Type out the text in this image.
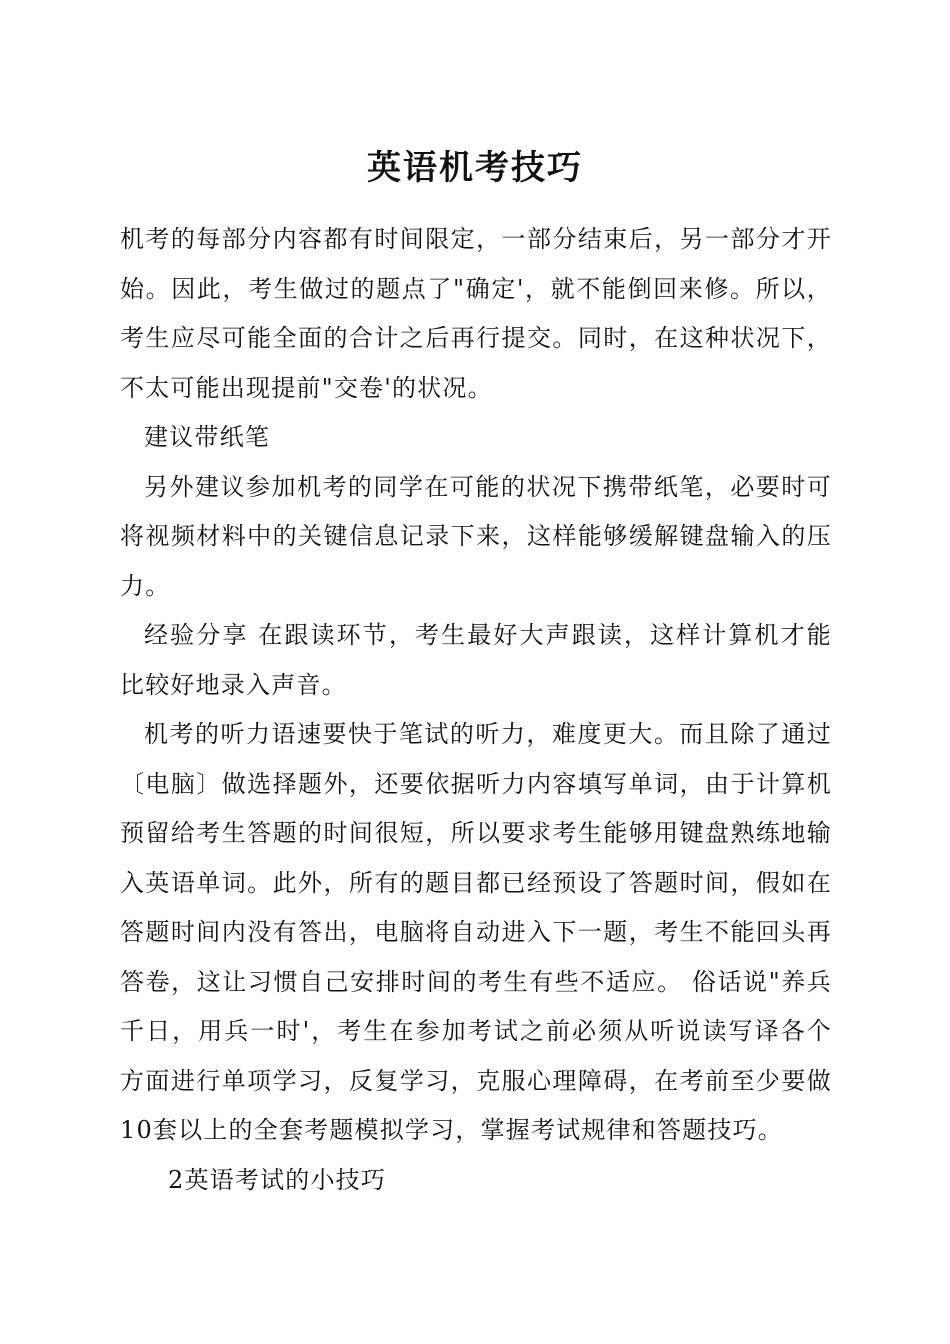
英语机考技巧

机考的每部分内容都有时间限定，一部分结束后，另一部分才开始。因此，考生做过的题点了"确定'，就不能倒回来修。所以，考生应尽可能全面的合计之后再行提交。同时，在这种状况下，不太可能出现提前"交卷'的状况。

建议带纸笔

另外建议参加机考的同学在可能的状况下携带纸笔，必要时可将视频材料中的关键信息记录下来，这样能够缓解键盘输入的压力。

经验分享 在跟读环节，考生最好大声跟读，这样计算机才能比较好地录入声音。

机考的听力语速要快于笔试的听力，难度更大。而且除了通过〔电脑〕做选择题外，还要依据听力内容填写单词，由于计算机预留给考生答题的时间很短，所以要求考生能够用键盘熟练地输入英语单词。此外，所有的题目都已经预设了答题时间，假如在答题时间内没有答出，电脑将自动进入下一题，考生不能回头再答卷，这让习惯自己安排时间的考生有些不适应。 俗话说"养兵千日，用兵一时'，考生在参加考试之前必须从听说读写译各个方面进行单项学习，反复学习，克服心理障碍，在考前至少要做10套以上的全套考题模拟学习，掌握考试规律和答题技巧。

2英语考试的小技巧
